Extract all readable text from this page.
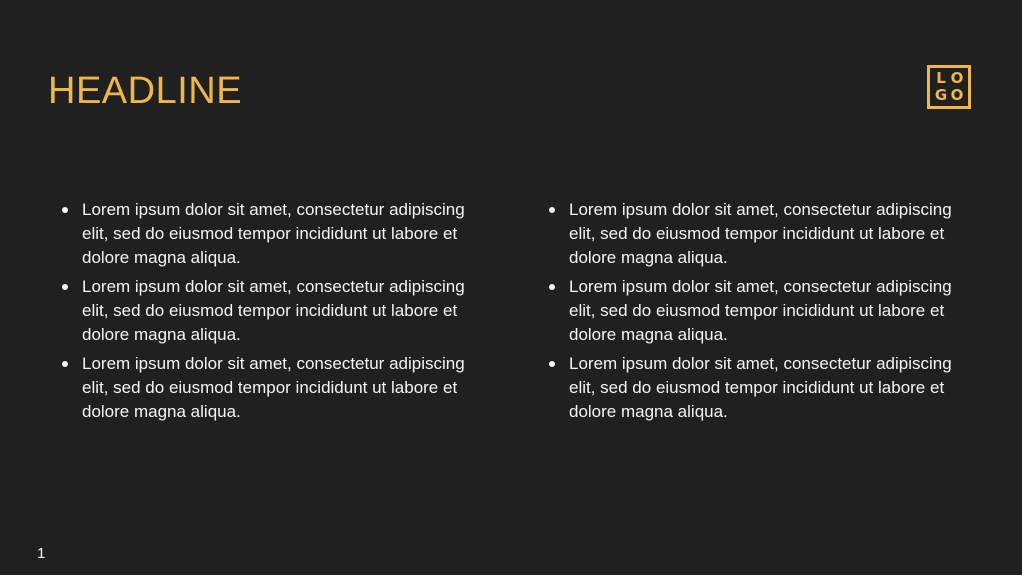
HEADLINE	L O
G O
Lorem ipsum dolor sit amet, consectetur adipiscing elit, sed do eiusmod tempor incididunt ut labore et dolore magna aliqua.
Lorem ipsum dolor sit amet, consectetur adipiscing elit, sed do eiusmod tempor incididunt ut labore et dolore magna aliqua.
Lorem ipsum dolor sit amet, consectetur adipiscing elit, sed do eiusmod tempor incididunt ut labore et dolore magna aliqua.
Lorem ipsum dolor sit amet, consectetur adipiscing elit, sed do eiusmod tempor incididunt ut labore et dolore magna aliqua.
Lorem ipsum dolor sit amet, consectetur adipiscing elit, sed do eiusmod tempor incididunt ut labore et dolore magna aliqua.
Lorem ipsum dolor sit amet, consectetur adipiscing elit, sed do eiusmod tempor incididunt ut labore et dolore magna aliqua.
1
